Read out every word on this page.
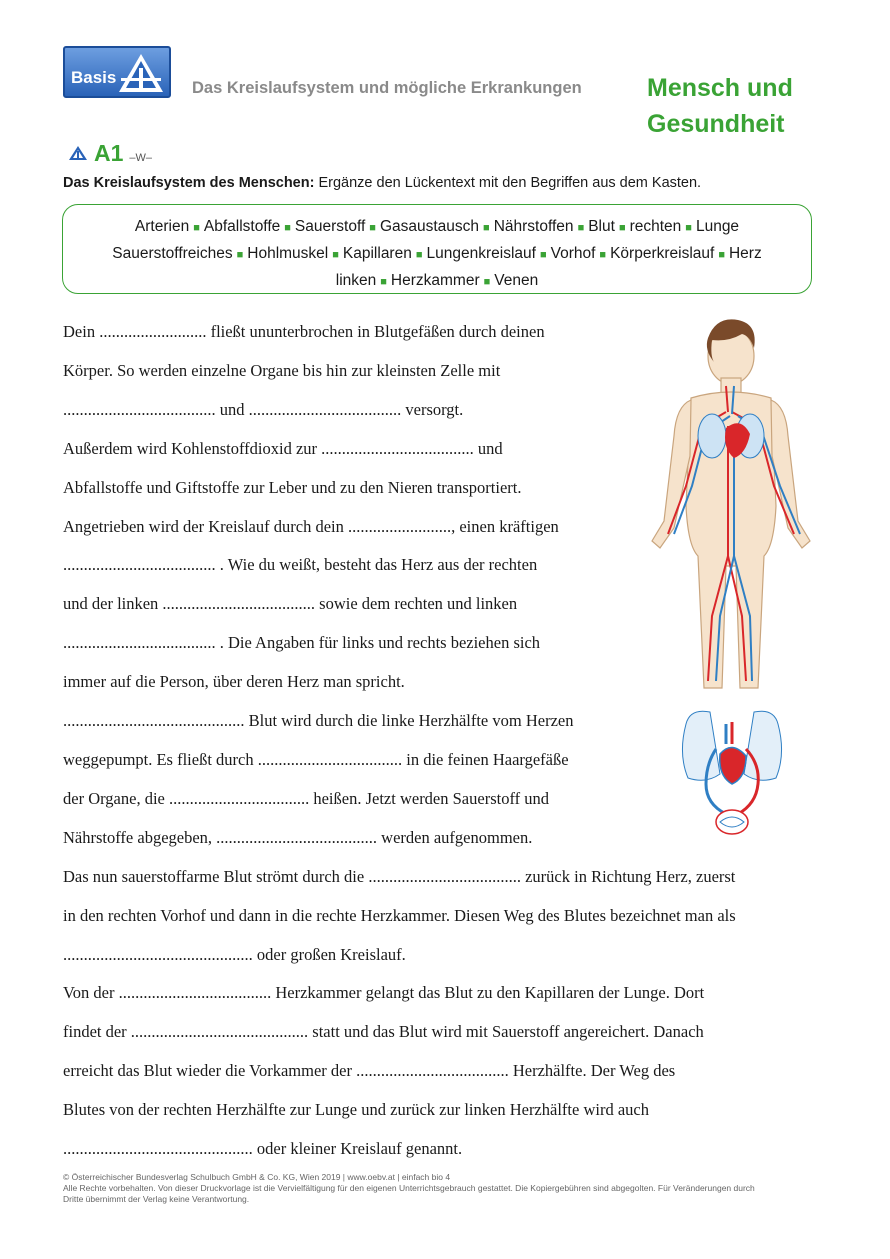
Basis
Das Kreislaufsystem und mögliche Erkrankungen	Mensch und
Gesundheit
A1 –W–
Das Kreislaufsystem des Menschen: Ergänze den Lückentext mit den Begriffen aus dem Kasten.
Arterien ■ Abfallstoffe ■ Sauerstoff ■ Gasaustausch ■ Nährstoffen ■ Blut ■ rechten ■ Lunge
Sauerstoffreiches ■ Hohlmuskel ■ Kapillaren ■ Lungenkreislauf ■ Vorhof ■ Körperkreislauf ■ Herz
linken ■ Herzkammer ■ Venen
Dein .......................... fließt ununterbrochen in Blutgefäßen durch deinen
Körper. So werden einzelne Organe bis hin zur kleinsten Zelle mit
..................................... und ..................................... versorgt.
Außerdem wird Kohlenstoffdioxid zur ..................................... und
Abfallstoffe und Giftstoffe zur Leber und zu den Nieren transportiert.
Angetrieben wird der Kreislauf durch dein ........................., einen kräftigen
..................................... . Wie du weißt, besteht das Herz aus der rechten
und der linken ..................................... sowie dem rechten und linken
..................................... . Die Angaben für links und rechts beziehen sich
immer auf die Person, über deren Herz man spricht.
............................................ Blut wird durch die linke Herzhälfte vom Herzen
weggepumpt. Es fließt durch ................................... in die feinen Haargefäße
der Organe, die .................................. heißen. Jetzt werden Sauerstoff und
Nährstoffe abgegeben, ....................................... werden aufgenommen.
Das nun sauerstoffarme Blut strömt durch die ..................................... zurück in Richtung Herz, zuerst
in den rechten Vorhof und dann in die rechte Herzkammer. Diesen Weg des Blutes bezeichnet man als
.............................................. oder großen Kreislauf.
Von der ..................................... Herzkammer gelangt das Blut zu den Kapillaren der Lunge. Dort
findet der ........................................... statt und das Blut wird mit Sauerstoff angereichert. Danach
erreicht das Blut wieder die Vorkammer der ..................................... Herzhälfte. Der Weg des
Blutes von der rechten Herzhälfte zur Lunge und zurück zur linken Herzhälfte wird auch
.............................................. oder kleiner Kreislauf genannt.
© Österreichischer Bundesverlag Schulbuch GmbH & Co. KG, Wien 2019 | www.oebv.at | einfach bio 4
Alle Rechte vorbehalten. Von dieser Druckvorlage ist die Vervielfältigung für den eigenen Unterrichtsgebrauch gestattet. Die Kopiergebühren sind abgegolten. Für Veränderungen durch
Dritte übernimmt der Verlag keine Verantwortung.
